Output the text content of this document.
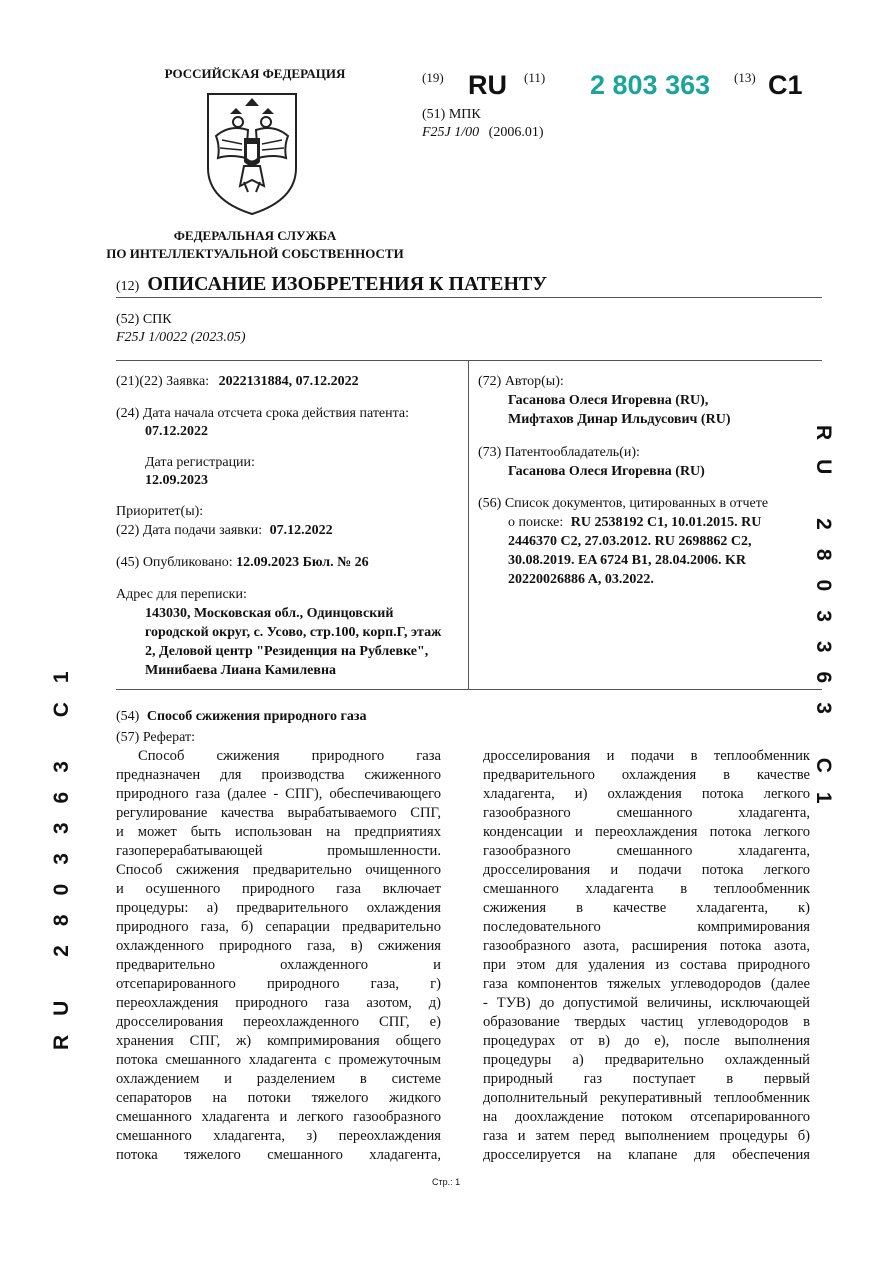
РОССИЙСКАЯ ФЕДЕРАЦИЯ
ФЕДЕРАЛЬНАЯ СЛУЖБА
ПО ИНТЕЛЛЕКТУАЛЬНОЙ СОБСТВЕННОСТИ
(19) RU (11) 2 803 363 (13) C1
(51) МПК
F25J 1/00 (2006.01)
(12) ОПИСАНИЕ ИЗОБРЕТЕНИЯ К ПАТЕНТУ
(52) СПК
F25J 1/0022 (2023.05)
(21)(22) Заявка: 2022131884, 07.12.2022
(24) Дата начала отсчета срока действия патента:
07.12.2022
Дата регистрации:
12.09.2023
Приоритет(ы):
(22) Дата подачи заявки: 07.12.2022
(45) Опубликовано: 12.09.2023 Бюл. № 26
Адрес для переписки:
143030, Московская обл., Одинцовский
городской округ, с. Усово, стр.100, корп.Г, этаж
2, Деловой центр "Резиденция на Рублевке",
Минибаева Лиана Камилевна
(72) Автор(ы):
Гасанова Олеся Игоревна (RU),
Мифтахов Динар Ильдусович (RU)
(73) Патентообладатель(и):
Гасанова Олеся Игоревна (RU)
(56) Список документов, цитированных в отчете
о поиске: RU 2538192 C1, 10.01.2015. RU
2446370 C2, 27.03.2012. RU 2698862 C2,
30.08.2019. EA 6724 B1, 28.04.2006. KR
20220026886 A, 03.2022.
(54) Способ сжижения природного газа
(57) Реферат:
Способ сжижения природного газа
предназначен для производства сжиженного
природного газа (далее - СПГ), обеспечивающего
регулирование качества вырабатываемого СПГ,
и может быть использован на предприятиях
газоперерабатывающей промышленности.
Способ сжижения предварительно очищенного
и осушенного природного газа включает
процедуры: а) предварительного охлаждения
природного газа, б) сепарации предварительно
охлажденного природного газа, в) сжижения
предварительно охлажденного и
отсепарированного природного газа, г)
переохлаждения природного газа азотом, д)
дросселирования переохлажденного СПГ, е)
хранения СПГ, ж) компримирования общего
потока смешанного хладагента с промежуточным
охлаждением и разделением в системе
сепараторов на потоки тяжелого жидкого
смешанного хладагента и легкого газообразного
смешанного хладагента, з) переохлаждения
потока тяжелого смешанного хладагента,
дросселирования и подачи в теплообменник
предварительного охлаждения в качестве
хладагента, и) охлаждения потока легкого
газообразного смешанного хладагента,
конденсации и переохлаждения потока легкого
газообразного смешанного хладагента,
дросселирования и подачи потока легкого
смешанного хладагента в теплообменник
сжижения в качестве хладагента, к)
последовательного компримирования
газообразного азота, расширения потока азота,
при этом для удаления из состава природного
газа компонентов тяжелых углеводородов (далее
- ТУВ) до допустимой величины, исключающей
образование твердых частиц углеводородов в
процедурах от в) до е), после выполнения
процедуры а) предварительно охлажденный
природный газ поступает в первый
дополнительный рекуперативный теплообменник
на доохлаждение потоком отсепарированного
газа и затем перед выполнением процедуры б)
дросселируется на клапане для обеспечения
RU 2803363 C1
RU 2803363 C1
Стр.: 1
